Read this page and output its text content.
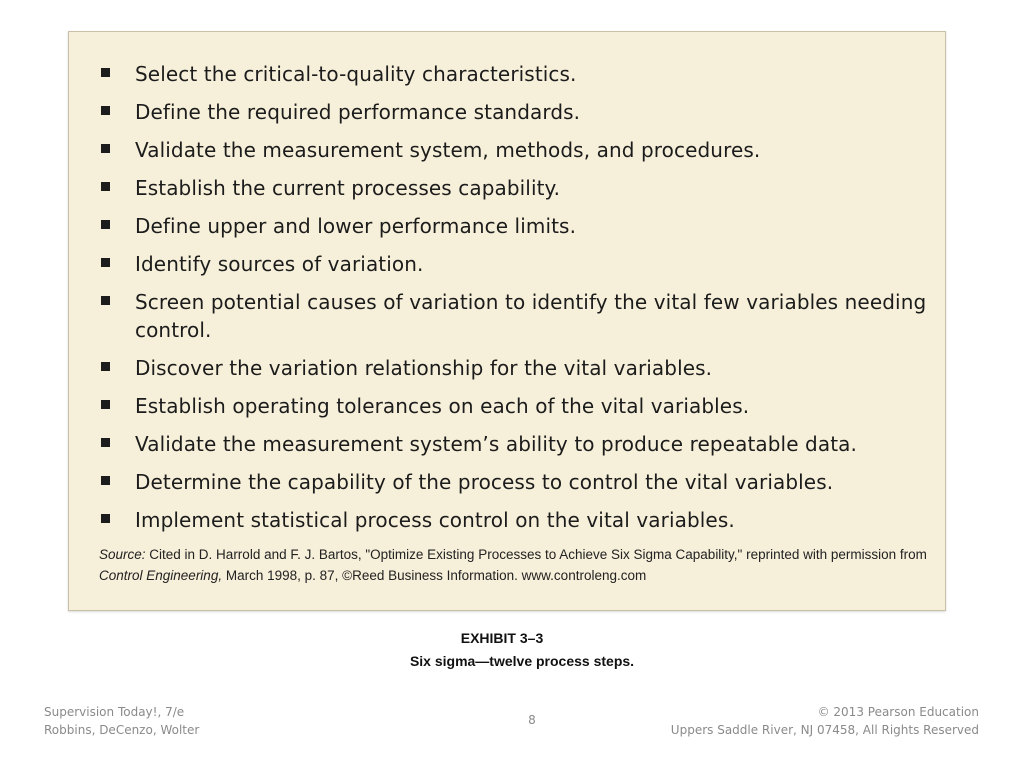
Select the critical-to-quality characteristics.
Define the required performance standards.
Validate the measurement system, methods, and procedures.
Establish the current processes capability.
Define upper and lower performance limits.
Identify sources of variation.
Screen potential causes of variation to identify the vital few variables needing control.
Discover the variation relationship for the vital variables.
Establish operating tolerances on each of the vital variables.
Validate the measurement system’s ability to produce repeatable data.
Determine the capability of the process to control the vital variables.
Implement statistical process control on the vital variables.
Source: Cited in D. Harrold and F. J. Bartos, "Optimize Existing Processes to Achieve Six Sigma Capability," reprinted with permission from Control Engineering, March 1998, p. 87, ©Reed Business Information. www.controleng.com
EXHIBIT 3–3
Six sigma—twelve process steps.
Supervision Today!, 7/e
Robbins, DeCenzo, Wolter
8
© 2013 Pearson Education
Uppers Saddle River, NJ 07458, All Rights Reserved
